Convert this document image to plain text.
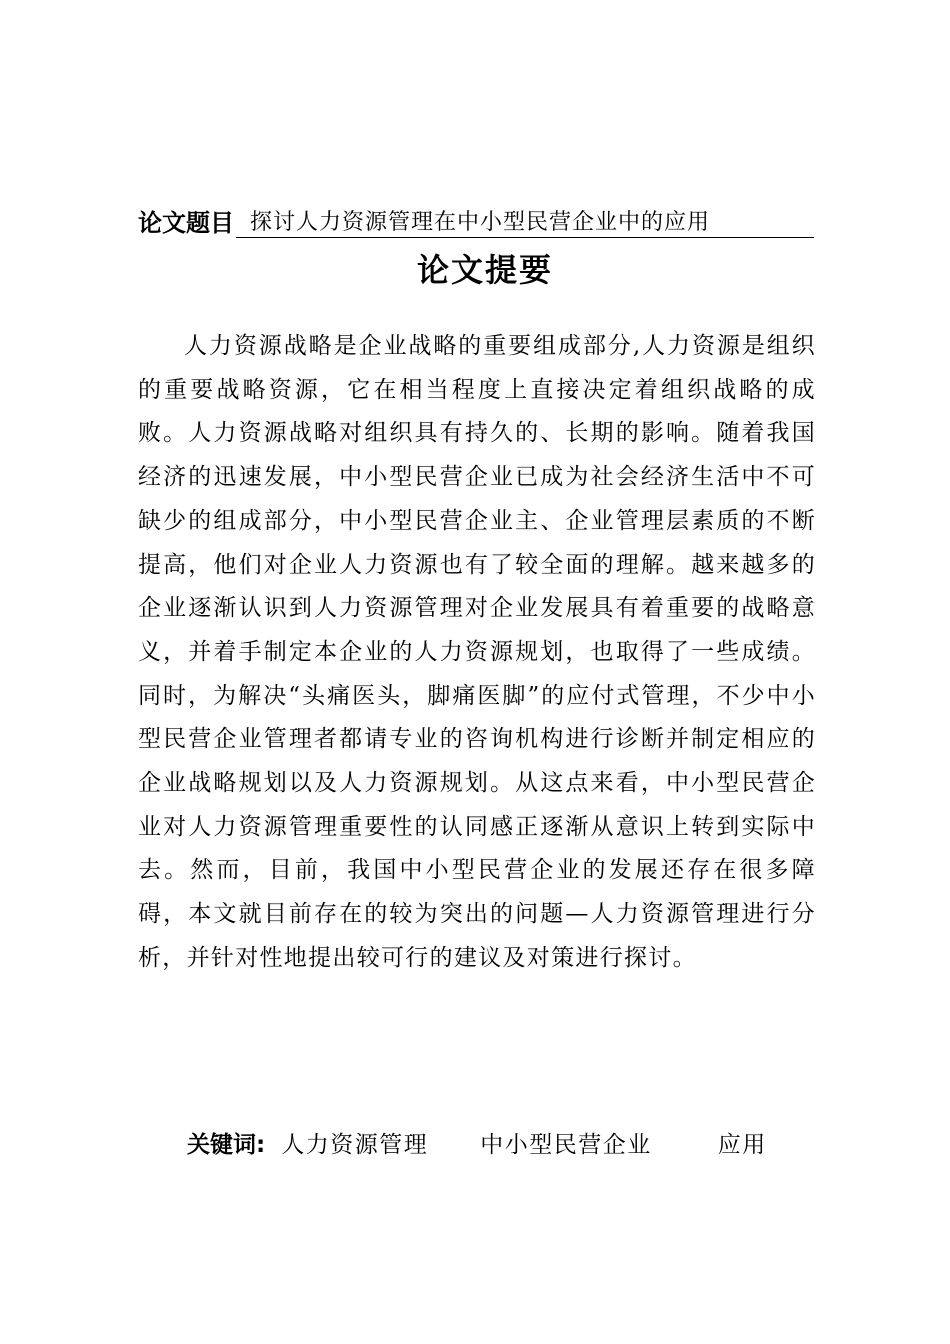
论文题目 探讨人力资源管理在中小型民营企业中的应用
论文提要

人力资源战略是企业战略的重要组成部分,人力资源是组织的重要战略资源，它在相当程度上直接决定着组织战略的成败。人力资源战略对组织具有持久的、长期的影响。随着我国经济的迅速发展，中小型民营企业已成为社会经济生活中不可缺少的组成部分，中小型民营企业主、企业管理层素质的不断提高，他们对企业人力资源也有了较全面的理解。越来越多的企业逐渐认识到人力资源管理对企业发展具有着重要的战略意义，并着手制定本企业的人力资源规划，也取得了一些成绩。同时，为解决“头痛医头，脚痛医脚”的应付式管理，不少中小型民营企业管理者都请专业的咨询机构进行诊断并制定相应的企业战略规划以及人力资源规划。从这点来看，中小型民营企业对人力资源管理重要性的认同感正逐渐从意识上转到实际中去。然而，目前，我国中小型民营企业的发展还存在很多障碍，本文就目前存在的较为突出的问题—人力资源管理进行分析，并针对性地提出较可行的建议及对策进行探讨。

关键词: 人力资源管理 中小型民营企业	应用
